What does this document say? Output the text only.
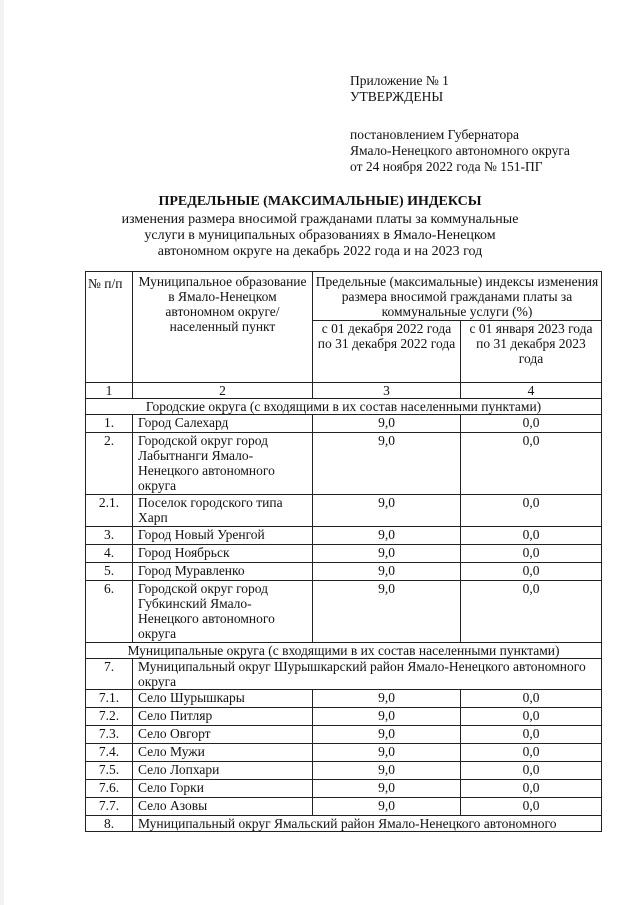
Приложение № 1
УТВЕРЖДЕНЫ
постановлением Губернатора
Ямало-Ненецкого автономного округа
от 24 ноября 2022 года № 151-ПГ
ПРЕДЕЛЬНЫЕ (МАКСИМАЛЬНЫЕ) ИНДЕКСЫ
изменения размера вносимой гражданами платы за коммунальные
услуги в муниципальных образованиях в Ямало-Ненецком
автономном округе на декабрь 2022 года и на 2023 год
№ п/п	Муниципальное образование в Ямало-Ненецком автономном округе/ населенный пункт	Предельные (максимальные) индексы изменения размера вносимой гражданами платы за коммунальные услуги (%)	
		с 01 декабря 2022 года по 31 декабря 2022 года	с 01 января 2023 года по 31 декабря 2023 года
1	2	3	4
Городские округа (с входящими в их состав населенными пунктами)			
1.	Город Салехард	9,0	0,0
2.	Городской округ город Лабытнанги Ямало-Ненецкого автономного округа	9,0	0,0
2.1.	Поселок городского типа Харп	9,0	0,0
3.	Город Новый Уренгой	9,0	0,0
4.	Город Ноябрьск	9,0	0,0
5.	Город Муравленко	9,0	0,0
6.	Городской округ город Губкинский Ямало-Ненецкого автономного округа	9,0	0,0
Муниципальные округа (с входящими в их состав населенными пунктами)			
7.	Муниципальный округ Шурышкарский район Ямало-Ненецкого автономного округа		
7.1.	Село Шурышкары	9,0	0,0
7.2.	Село Питляр	9,0	0,0
7.3.	Село Овгорт	9,0	0,0
7.4.	Село Мужи	9,0	0,0
7.5.	Село Лопхари	9,0	0,0
7.6.	Село Горки	9,0	0,0
7.7.	Село Азовы	9,0	0,0
8.	Муниципальный округ Ямальский район Ямало-Ненецкого автономного		
